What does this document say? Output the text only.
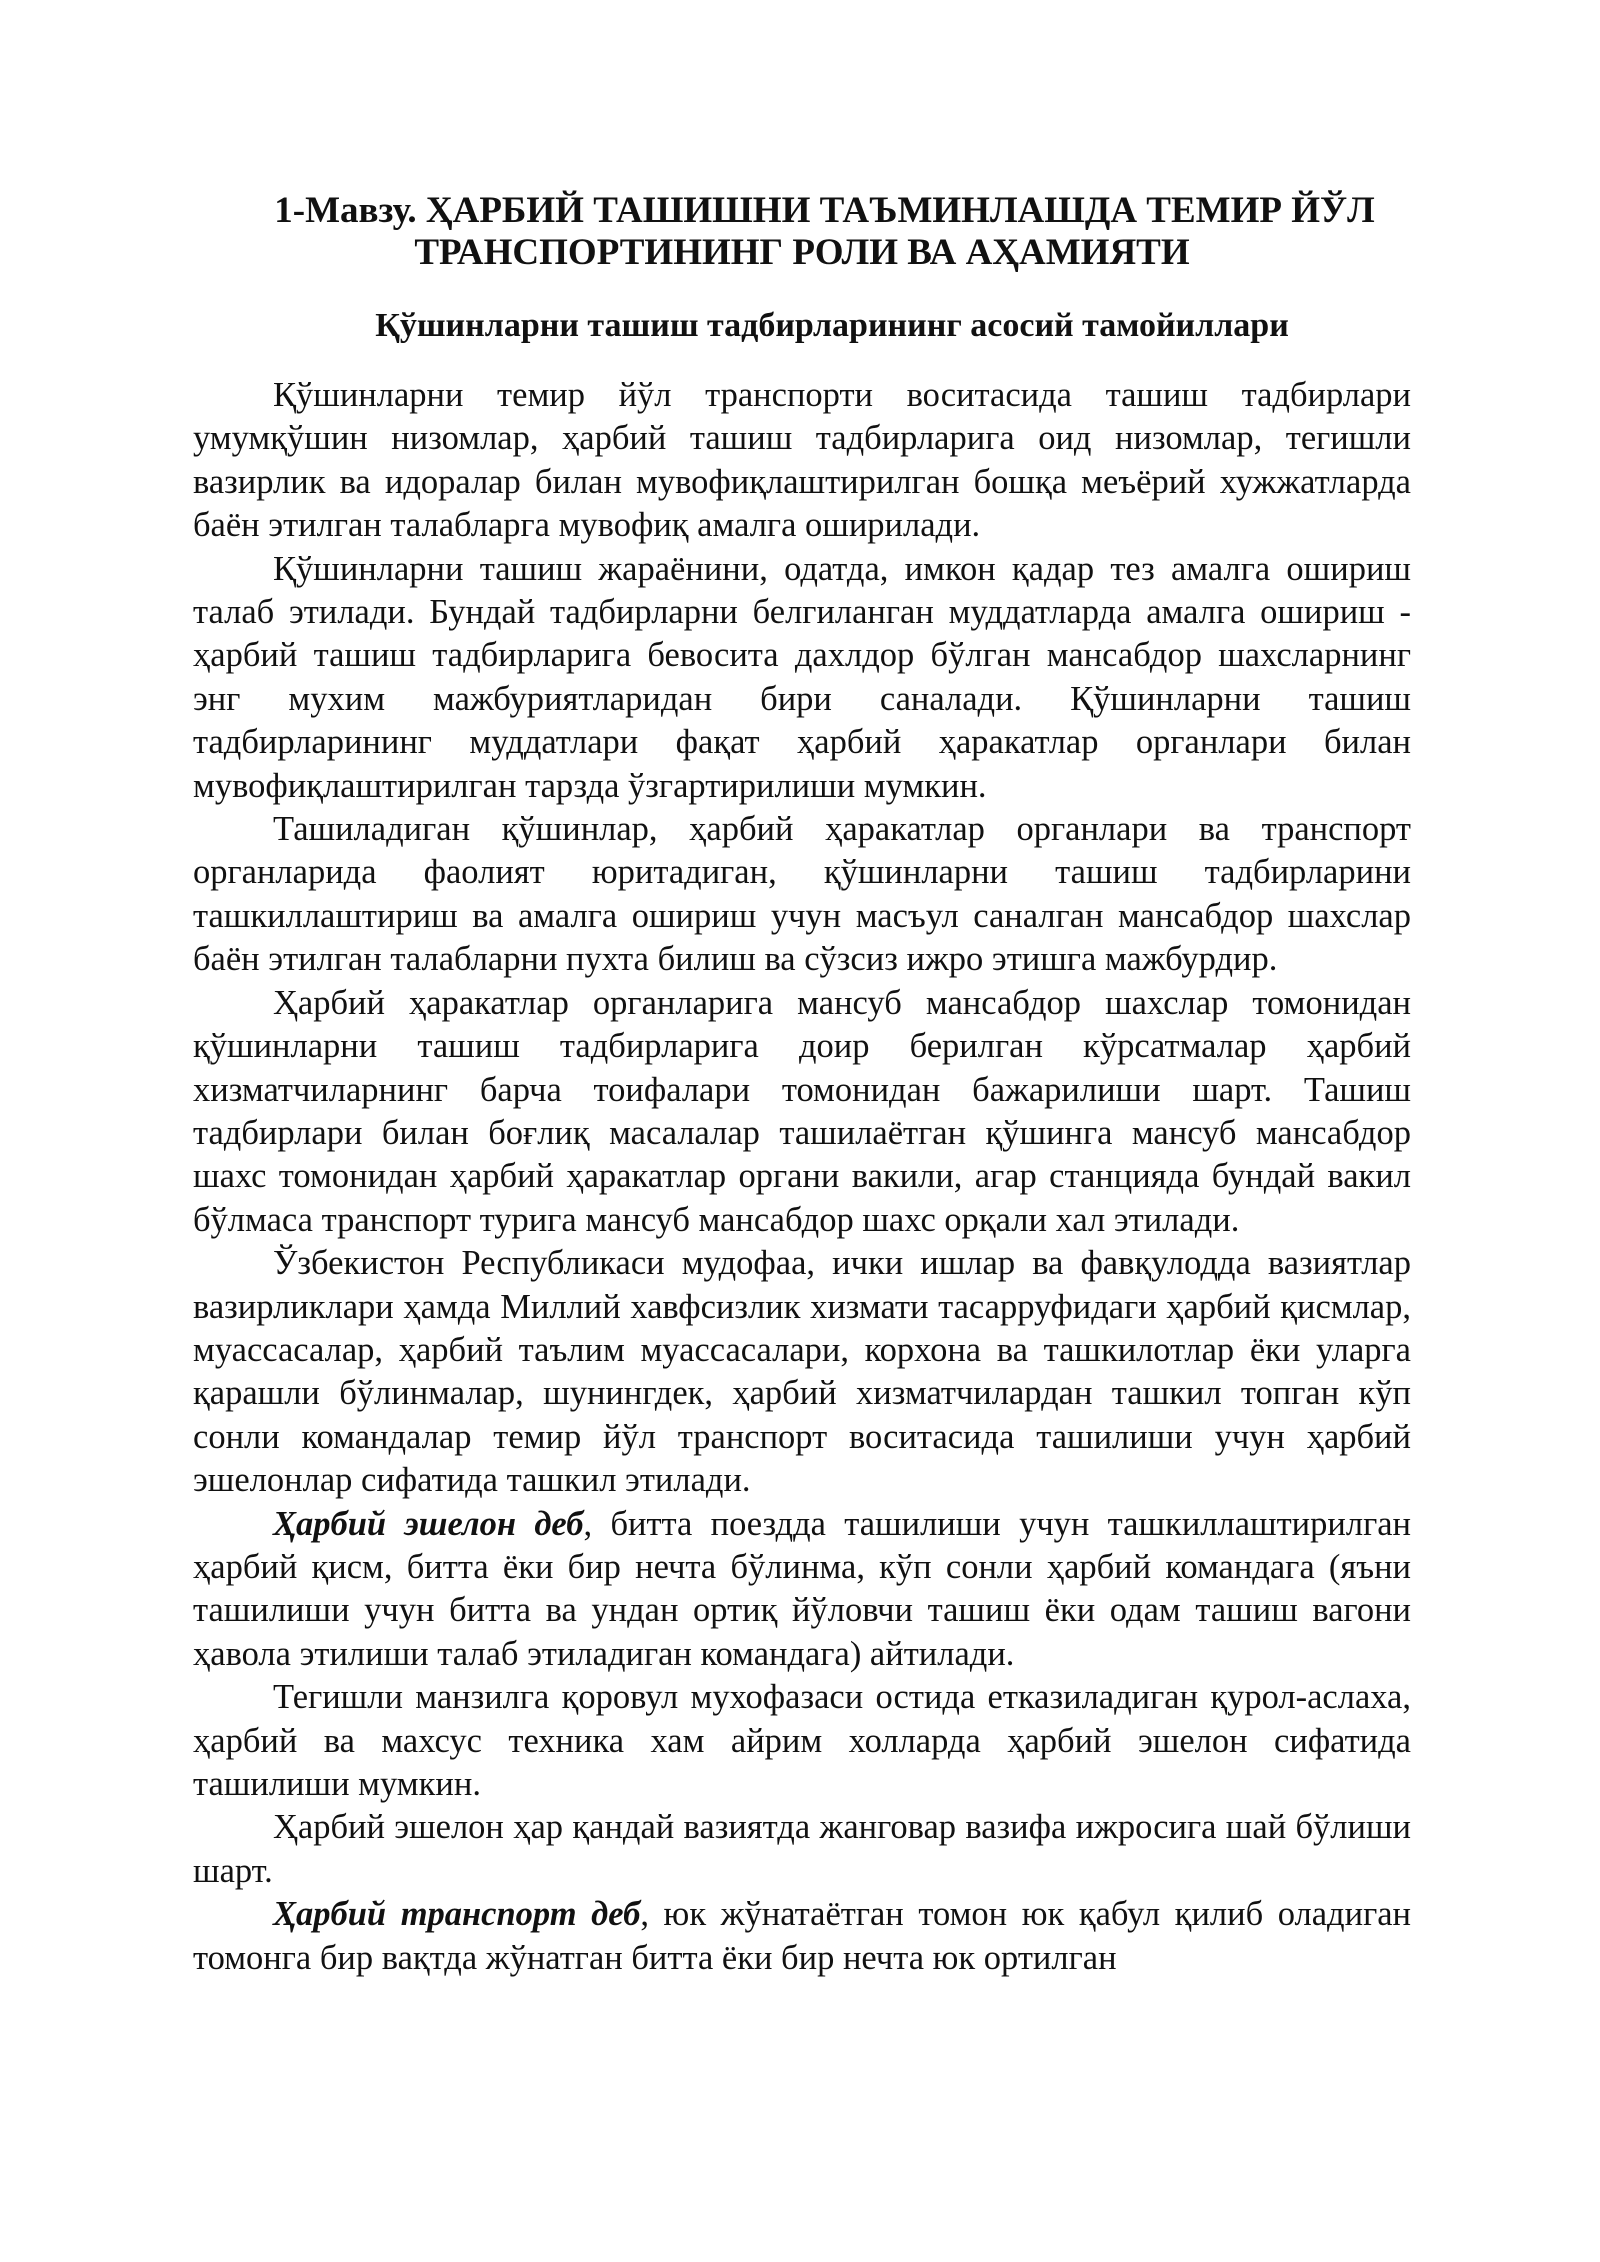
1-Мавзу. ҲАРБИЙ ТАШИШНИ ТАЪМИНЛАШДА ТЕМИР ЙЎЛ
ТРАНСПОРТИНИНГ РОЛИ ВА АҲАМИЯТИ
Қўшинларни ташиш тадбирларининг асосий тамойиллари

Қўшинларни темир йўл транспорти воситасида ташиш тадбирлари умумқўшин низомлар, ҳарбий ташиш тадбирларига оид низомлар, тегишли вазирлик ва идоралар билан мувофиқлаштирилган бошқа меъёрий хужжатларда баён этилган талабларга мувофиқ амалга оширилади.

Қўшинларни ташиш жараёнини, одатда, имкон қадар тез амалга ошириш талаб этилади. Бундай тадбирларни белгиланган муддатларда амалга ошириш - ҳарбий ташиш тадбирларига бевосита дахлдор бўлган мансабдор шахсларнинг энг мухим мажбуриятларидан бири саналади. Қўшинларни ташиш тадбирларининг муддатлари фақат ҳарбий ҳаракатлар органлари билан мувофиқлаштирилган тарзда ўзгартирилиши мумкин.

Ташиладиган қўшинлар, ҳарбий ҳаракатлар органлари ва транспорт органларида фаолият юритадиган, қўшинларни ташиш тадбирларини ташкиллаштириш ва амалга ошириш учун масъул саналган мансабдор шахслар баён этилган талабларни пухта билиш ва сўзсиз ижро этишга мажбурдир.

Ҳарбий ҳаракатлар органларига мансуб мансабдор шахслар томонидан қўшинларни ташиш тадбирларига доир берилган кўрсатмалар ҳарбий хизматчиларнинг барча тоифалари томонидан бажарилиши шарт. Ташиш тадбирлари билан боғлиқ масалалар ташилаётган қўшинга мансуб мансабдор шахс томонидан ҳарбий ҳаракатлар органи вакили, агар станцияда бундай вакил бўлмаса транспорт турига мансуб мансабдор шахс орқали хал этилади.

Ўзбекистон Республикаси мудофаа, ички ишлар ва фавқулодда вазиятлар вазирликлари ҳамда Миллий хавфсизлик хизмати тасарруфидаги ҳарбий қисмлар, муассасалар, ҳарбий таълим муассасалари, корхона ва ташкилотлар ёки уларга қарашли бўлинмалар, шунингдек, ҳарбий хизматчилардан ташкил топган кўп сонли командалар темир йўл транспорт воситасида ташилиши учун ҳарбий эшелонлар сифатида ташкил этилади.

Ҳарбий эшелон деб, битта поездда ташилиши учун ташкиллаштирилган ҳарбий қисм, битта ёки бир нечта бўлинма, кўп сонли ҳарбий командага (яъни ташилиши учун битта ва ундан ортиқ йўловчи ташиш ёки одам ташиш вагони ҳавола этилиши талаб этиладиган командага) айтилади.

Тегишли манзилга қоровул мухофазаси остида етказиладиган қурол-аслаха, ҳарбий ва махсус техника хам айрим холларда ҳарбий эшелон сифатида ташилиши мумкин.

Ҳарбий эшелон ҳар қандай вазиятда жанговар вазифа ижросига шай бўлиши шарт.

Ҳарбий транспорт деб, юк жўнатаётган томон юк қабул қилиб оладиган томонга бир вақтда жўнатган битта ёки бир нечта юк ортилган
